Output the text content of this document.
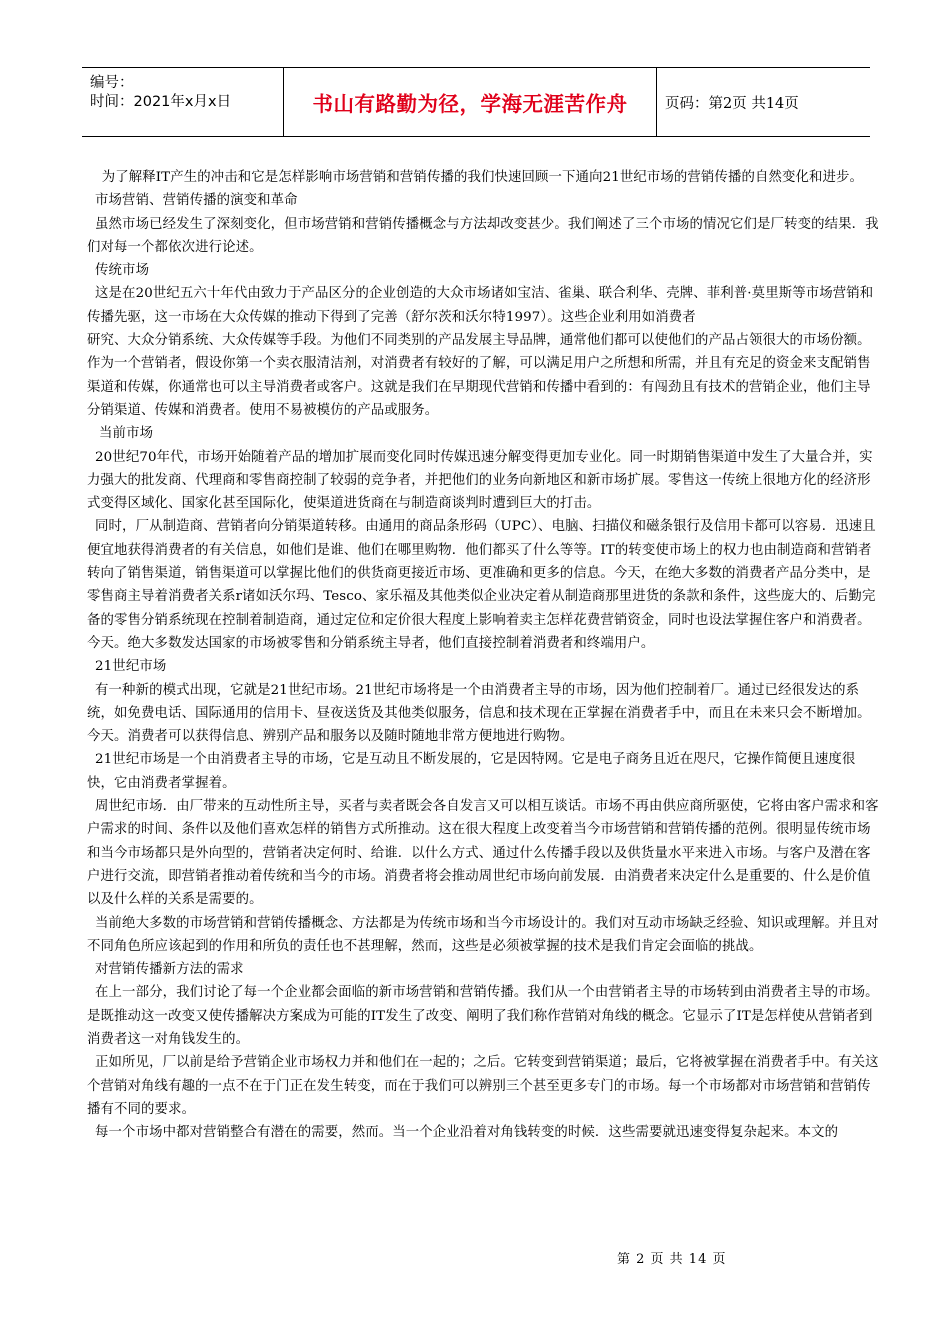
编号：
时间：2021年x月x日	书山有路勤为径，学海无涯苦作舟	页码：第2页 共14页

为了解释IT产生的冲击和它是怎样影响市场营销和营销传播的我们快速回顾一下通向21世纪市场的营销传播的自然变化和进步。

市场营销、营销传播的演变和革命

虽然市场已经发生了深刻变化，但市场营销和营销传播概念与方法却改变甚少。我们阐述了三个市场的情况它们是厂转变的结果．我们对每一个都依次进行论述。

传统市场

这是在20世纪五六十年代由致力于产品区分的企业创造的大众市场诸如宝洁、雀巢、联合利华、壳牌、菲利普·莫里斯等市场营销和传播先驱，这一市场在大众传媒的推动下得到了完善（舒尔茨和沃尔特1997）。这些企业利用如消费者

研究、大众分销系统、大众传媒等手段。为他们不同类别的产品发展主导品牌，通常他们都可以使他们的产品占领很大的市场份额。作为一个营销者，假设你第一个卖衣服清洁剂，对消费者有较好的了解，可以满足用户之所想和所需，并且有充足的资金来支配销售渠道和传媒，你通常也可以主导消费者或客户。这就是我们在早期现代营销和传播中看到的：有闯劲且有技术的营销企业，他们主导分销渠道、传媒和消费者。使用不易被模仿的产品或服务。

当前市场

20世纪70年代，市场开始随着产品的增加扩展而变化同时传媒迅速分解变得更加专业化。同一时期销售渠道中发生了大量合并，实力强大的批发商、代理商和零售商控制了较弱的竞争者，并把他们的业务向新地区和新市场扩展。零售这一传统上很地方化的经济形式变得区域化、国家化甚至国际化，使渠道进货商在与制造商谈判时遭到巨大的打击。

同时，厂从制造商、营销者向分销渠道转移。由通用的商品条形码（UPC）、电脑、扫描仪和磁条银行及信用卡都可以容易．迅速且便宜地获得消费者的有关信息，如他们是谁、他们在哪里购物．他们都买了什么等等。IT的转变使市场上的权力也由制造商和营销者转向了销售渠道，销售渠道可以掌握比他们的供货商更接近市场、更准确和更多的信息。今天，在绝大多数的消费者产品分类中，是零售商主导着消费者关系r诸如沃尔玛、Tesco、家乐福及其他类似企业决定着从制造商那里进货的条款和条件，这些庞大的、后勤完备的零售分销系统现在控制着制造商，通过定位和定价很大程度上影响着卖主怎样花费营销资金，同时也设法掌握住客户和消费者。今天。绝大多数发达国家的市场被零售和分销系统主导者，他们直接控制着消费者和终端用户。

21世纪市场

有一种新的模式出现，它就是21世纪市场。21世纪市场将是一个由消费者主导的市场，因为他们控制着厂。通过已经很发达的系统，如免费电话、国际通用的信用卡、昼夜送货及其他类似服务，信息和技术现在正掌握在消费者手中，而且在未来只会不断增加。今天。消费者可以获得信息、辨别产品和服务以及随时随地非常方便地进行购物。

21世纪市场是一个由消费者主导的市场，它是互动且不断发展的，它是因特网。它是电子商务且近在咫尺，它操作简便且速度很快，它由消费者掌握着。

周世纪市场．由厂带来的互动性所主导，买者与卖者既会各自发言又可以相互谈话。市场不再由供应商所驱使，它将由客户需求和客户需求的时间、条件以及他们喜欢怎样的销售方式所推动。这在很大程度上改变着当今市场营销和营销传播的范例。很明显传统市场和当今市场都只是外向型的，营销者决定何时、给谁．以什么方式、通过什么传播手段以及供货量水平来进入市场。与客户及潜在客户进行交流，即营销者推动着传统和当今的市场。消费者将会推动周世纪市场向前发展．由消费者来决定什么是重要的、什么是价值以及什么样的关系是需要的。

当前绝大多数的市场营销和营销传播概念、方法都是为传统市场和当今市场设计的。我们对互动市场缺乏经验、知识或理解。并且对不同角色所应该起到的作用和所负的责任也不甚理解，然而，这些是必须被掌握的技术是我们肯定会面临的挑战。

对营销传播新方法的需求

在上一部分，我们讨论了每一个企业都会面临的新市场营销和营销传播。我们从一个由营销者主导的市场转到由消费者主导的市场。是既推动这一改变又使传播解决方案成为可能的IT发生了改变、阐明了我们称作营销对角线的概念。它显示了IT是怎样使从营销者到消费者这一对角钱发生的。

正如所见，厂以前是给予营销企业市场权力并和他们在一起的；之后。它转变到营销渠道；最后，它将被掌握在消费者手中。有关这个营销对角线有趣的一点不在于门正在发生转变，而在于我们可以辨别三个甚至更多专门的市场。每一个市场都对市场营销和营销传播有不同的要求。

每一个市场中都对营销整合有潜在的需要，然而。当一个企业沿着对角钱转变的时候．这些需要就迅速变得复杂起来。本文的

第 2 页 共 14 页
